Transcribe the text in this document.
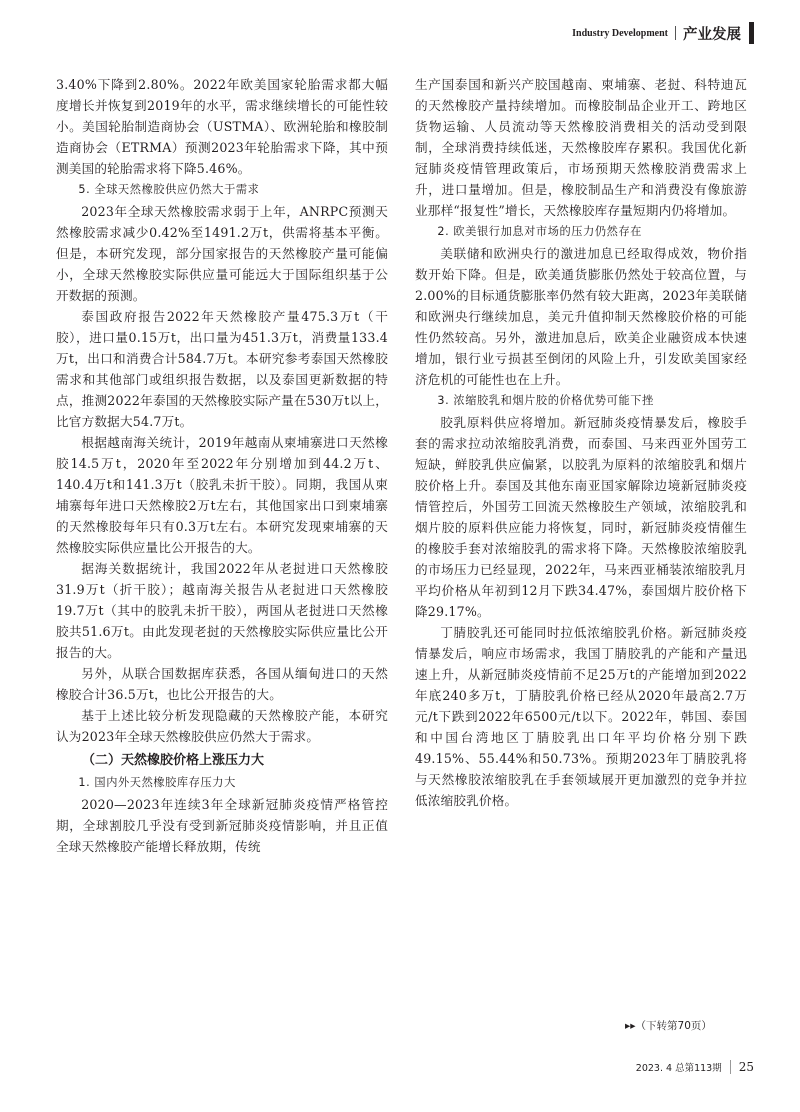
Industry Development 产业发展

3.40%下降到2.80%。2022年欧美国家轮胎需求都大幅度增长并恢复到2019年的水平，需求继续增长的可能性较小。美国轮胎制造商协会（USTMA）、欧洲轮胎和橡胶制造商协会（ETRMA）预测2023年轮胎需求下降，其中预测美国的轮胎需求将下降5.46%。

5. 全球天然橡胶供应仍然大于需求

2023年全球天然橡胶需求弱于上年，ANRPC预测天然橡胶需求减少0.42%至1491.2万t，供需将基本平衡。但是，本研究发现，部分国家报告的天然橡胶产量可能偏小，全球天然橡胶实际供应量可能远大于国际组织基于公开数据的预测。

泰国政府报告2022年天然橡胶产量475.3万t（干胶），进口量0.15万t，出口量为451.3万t，消费量133.4万t，出口和消费合计584.7万t。本研究参考泰国天然橡胶需求和其他部门或组织报告数据，以及泰国更新数据的特点，推测2022年泰国的天然橡胶实际产量在530万t以上，比官方数据大54.7万t。

根据越南海关统计，2019年越南从柬埔寨进口天然橡胶14.5万t，2020年至2022年分别增加到44.2万t、140.4万t和141.3万t（胶乳未折干胶）。同期，我国从柬埔寨每年进口天然橡胶2万t左右，其他国家出口到柬埔寨的天然橡胶每年只有0.3万t左右。本研究发现柬埔寨的天然橡胶实际供应量比公开报告的大。

据海关数据统计，我国2022年从老挝进口天然橡胶31.9万t（折干胶）；越南海关报告从老挝进口天然橡胶19.7万t（其中的胶乳未折干胶），两国从老挝进口天然橡胶共51.6万t。由此发现老挝的天然橡胶实际供应量比公开报告的大。

另外，从联合国数据库获悉，各国从缅甸进口的天然橡胶合计36.5万t，也比公开报告的大。

基于上述比较分析发现隐藏的天然橡胶产能，本研究认为2023年全球天然橡胶供应仍然大于需求。

（二）天然橡胶价格上涨压力大
1. 国内外天然橡胶库存压力大

2020—2023年连续3年全球新冠肺炎疫情严格管控期，全球割胶几乎没有受到新冠肺炎疫情影响，并且正值全球天然橡胶产能增长释放期，传统

生产国泰国和新兴产胶国越南、柬埔寨、老挝、科特迪瓦的天然橡胶产量持续增加。而橡胶制品企业开工、跨地区货物运输、人员流动等天然橡胶消费相关的活动受到限制，全球消费持续低迷，天然橡胶库存累积。我国优化新冠肺炎疫情管理政策后，市场预期天然橡胶消费需求上升，进口量增加。但是，橡胶制品生产和消费没有像旅游业那样“报复性”增长，天然橡胶库存量短期内仍将增加。

2. 欧美银行加息对市场的压力仍然存在

美联储和欧洲央行的激进加息已经取得成效，物价指数开始下降。但是，欧美通货膨胀仍然处于较高位置，与2.00%的目标通货膨胀率仍然有较大距离，2023年美联储和欧洲央行继续加息，美元升值抑制天然橡胶价格的可能性仍然较高。另外，激进加息后，欧美企业融资成本快速增加，银行业亏损甚至倒闭的风险上升，引发欧美国家经济危机的可能性也在上升。

3. 浓缩胶乳和烟片胶的价格优势可能下挫

胶乳原料供应将增加。新冠肺炎疫情暴发后，橡胶手套的需求拉动浓缩胶乳消费，而泰国、马来西亚外国劳工短缺，鲜胶乳供应偏紧，以胶乳为原料的浓缩胶乳和烟片胶价格上升。泰国及其他东南亚国家解除边境新冠肺炎疫情管控后，外国劳工回流天然橡胶生产领域，浓缩胶乳和烟片胶的原料供应能力将恢复，同时，新冠肺炎疫情催生的橡胶手套对浓缩胶乳的需求将下降。天然橡胶浓缩胶乳的市场压力已经显现，2022年，马来西亚桶装浓缩胶乳月平均价格从年初到12月下跌34.47%，泰国烟片胶价格下降29.17%。

丁腈胶乳还可能同时拉低浓缩胶乳价格。新冠肺炎疫情暴发后，响应市场需求，我国丁腈胶乳的产能和产量迅速上升，从新冠肺炎疫情前不足25万t的产能增加到2022年底240多万t，丁腈胶乳价格已经从2020年最高2.7万元/t下跌到2022年6500元/t以下。2022年，韩国、泰国和中国台湾地区丁腈胶乳出口年平均价格分别下跌49.15%、55.44%和50.73%。预期2023年丁腈胶乳将与天然橡胶浓缩胶乳在手套领域展开更加激烈的竞争并拉低浓缩胶乳价格。

▸▸（下转第70页）
2023. 4 总第113期	25
